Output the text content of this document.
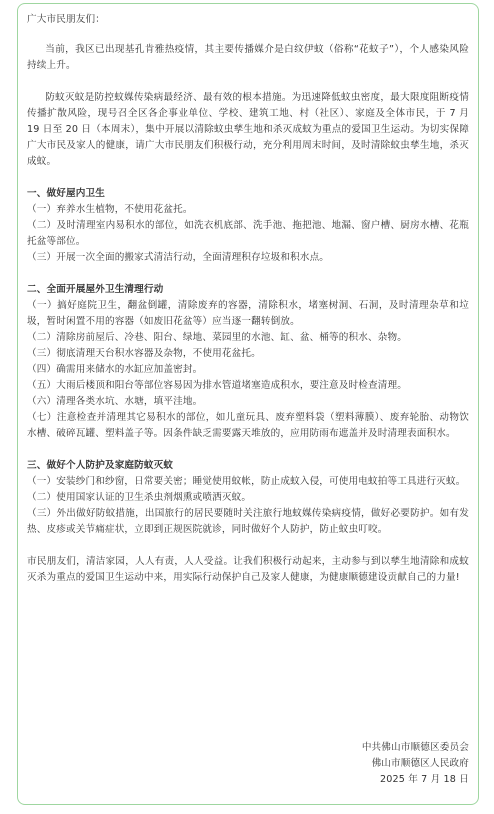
广大市民朋友们：

当前，我区已出现基孔肯雅热疫情，其主要传播媒介是白纹伊蚊（俗称“花蚊子”），个人感染风险持续上升。

防蚊灭蚊是防控蚊媒传染病最经济、最有效的根本措施。为迅速降低蚊虫密度，最大限度阻断疫情传播扩散风险，现号召全区各企事业单位、学校、建筑工地、村（社区）、家庭及全体市民，于 7 月 19 日至 20 日（本周末），集中开展以清除蚊虫孳生地和杀灭成蚊为重点的爱国卫生运动。为切实保障广大市民及家人的健康，请广大市民朋友们积极行动，充分利用周末时间，及时清除蚊虫孳生地，杀灭成蚊。

一、做好屋内卫生

（一）弃养水生植物，不使用花盆托。

（二）及时清理室内易积水的部位，如洗衣机底部、洗手池、拖把池、地漏、窗户槽、厨房水槽、花瓶托盆等部位。

（三）开展一次全面的搬家式清洁行动，全面清理积存垃圾和积水点。

二、全面开展屋外卫生清理行动

（一）搞好庭院卫生，翻盆倒罐，清除废弃的容器，清除积水，堵塞树洞、石洞，及时清理杂草和垃圾，暂时闲置不用的容器（如废旧花盆等）应当逐一翻转倒放。

（二）清除房前屋后、冷巷、阳台、绿地、菜园里的水池、缸、盆、桶等的积水、杂物。

（三）彻底清理天台积水容器及杂物，不使用花盆托。

（四）确需用来储水的水缸应加盖密封。

（五）大雨后楼顶和阳台等部位容易因为排水管道堵塞造成积水，要注意及时检查清理。

（六）清理各类水坑、水塘，填平洼地。

（七）注意检查并清理其它易积水的部位，如儿童玩具、废弃塑料袋（塑料薄膜）、废弃轮胎、动物饮水槽、破碎瓦罐、塑料盖子等。因条件缺乏需要露天堆放的，应用防雨布遮盖并及时清理表面积水。

三、做好个人防护及家庭防蚊灭蚊

（一）安装纱门和纱窗，日常要关密；睡觉使用蚊帐，防止成蚊入侵，可使用电蚊拍等工具进行灭蚊。

（二）使用国家认证的卫生杀虫剂烟熏或喷洒灭蚊。

（三）外出做好防蚊措施，出国旅行的居民要随时关注旅行地蚊媒传染病疫情，做好必要防护。如有发热、皮疹或关节痛症状，立即到正规医院就诊，同时做好个人防护，防止蚊虫叮咬。

市民朋友们，清洁家园，人人有责，人人受益。让我们积极行动起来，主动参与到以孳生地清除和成蚊灭杀为重点的爱国卫生运动中来，用实际行动保护自己及家人健康，为健康顺德建设贡献自己的力量!

中共佛山市顺德区委员会
佛山市顺德区人民政府
2025 年 7 月 18 日
